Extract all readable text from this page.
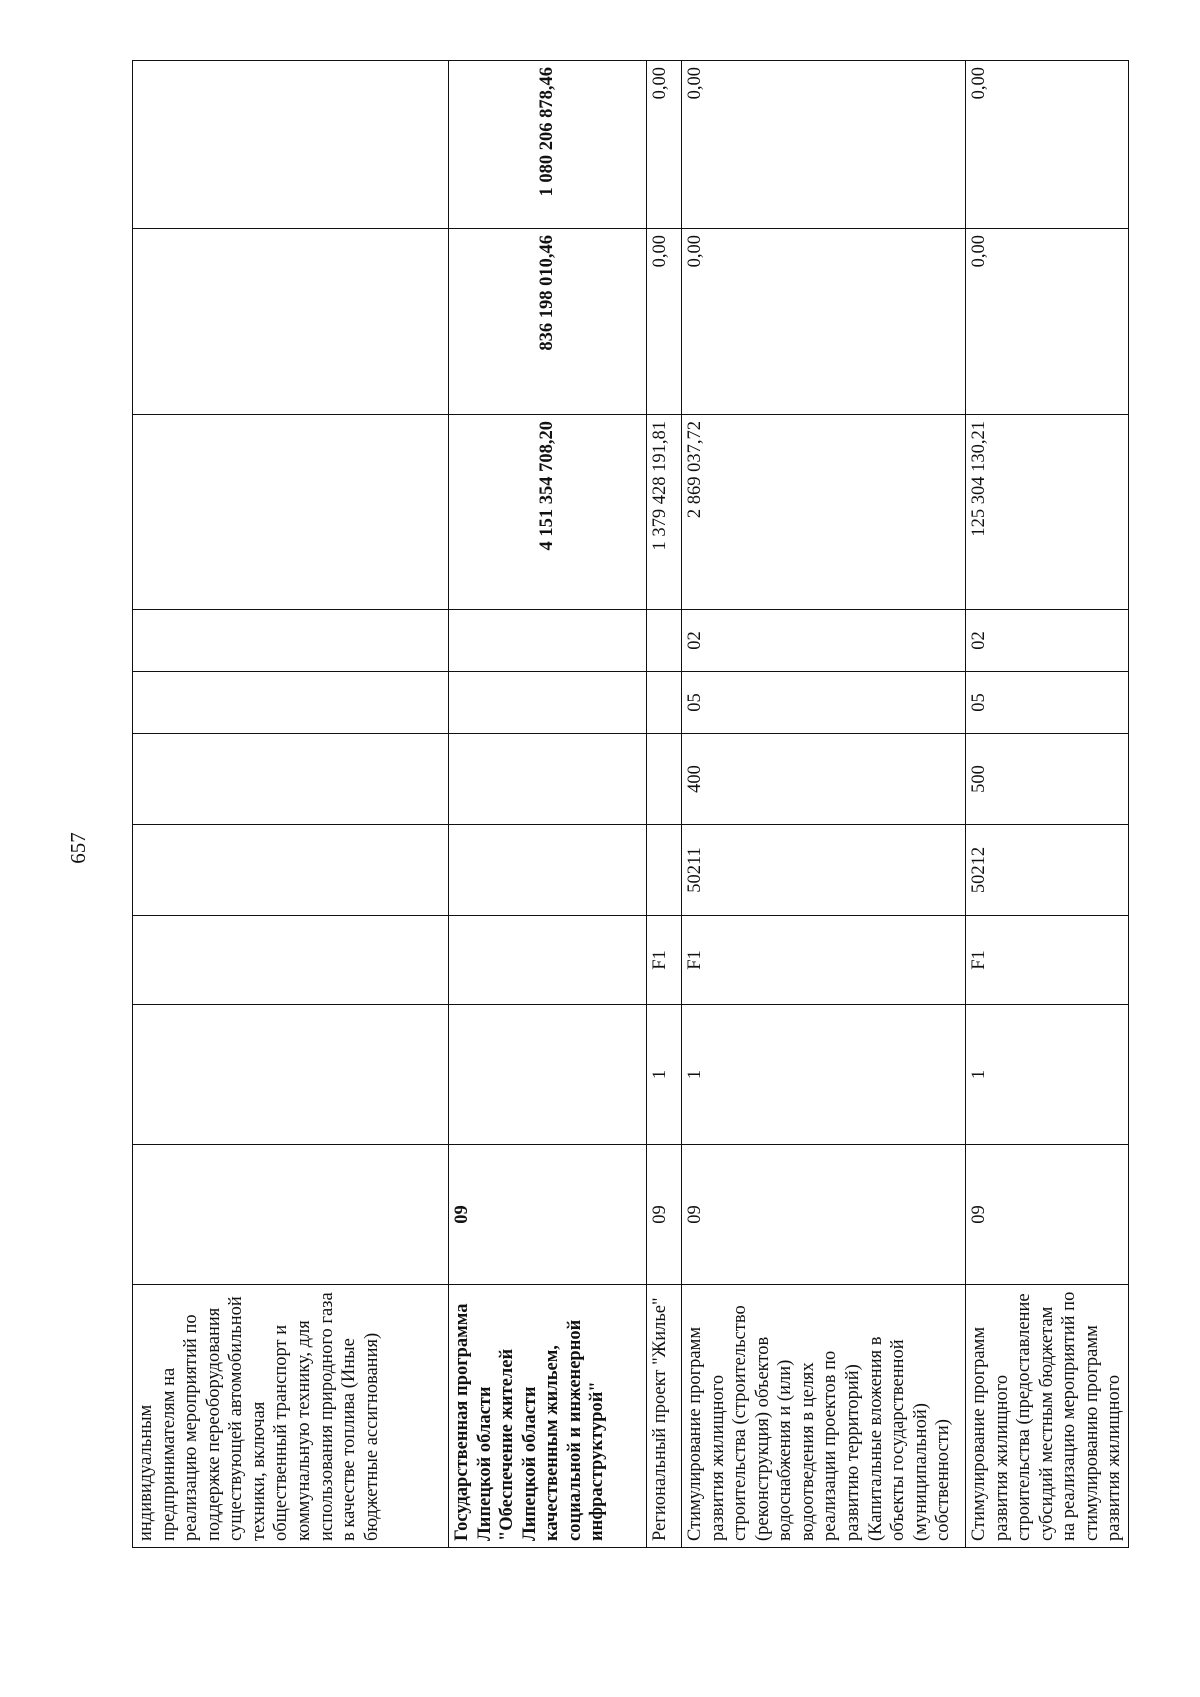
657
индивидуальным предпринимателям на реализацию мероприятий по поддержке переоборудования существующей автомобильной техники, включая общественный транспорт и коммунальную технику, для использования природного газа в качестве топлива (Иные бюджетные ассигнования)										
Государственная программа Липецкой области "Обеспечение жителей Липецкой области качественным жильем, социальной и инженерной инфраструктурой"	09							4 151 354 708,20	836 198 010,46	1 080 206 878,46
Региональный проект "Жилье"	09	1	F1					1 379 428 191,81	0,00	0,00
Стимулирование программ развития жилищного строительства (строительство (реконструкция) объектов водоснабжения и (или) водоотведения в целях реализации проектов по развитию территорий) (Капитальные вложения в объекты государственной (муниципальной) собственности)	09	1	F1	50211	400	05	02	2 869 037,72	0,00	0,00
Стимулирование программ развития жилищного строительства (предоставление субсидий местным бюджетам на реализацию мероприятий по стимулированию программ развития жилищного	09	1	F1	50212	500	05	02	125 304 130,21	0,00	0,00
